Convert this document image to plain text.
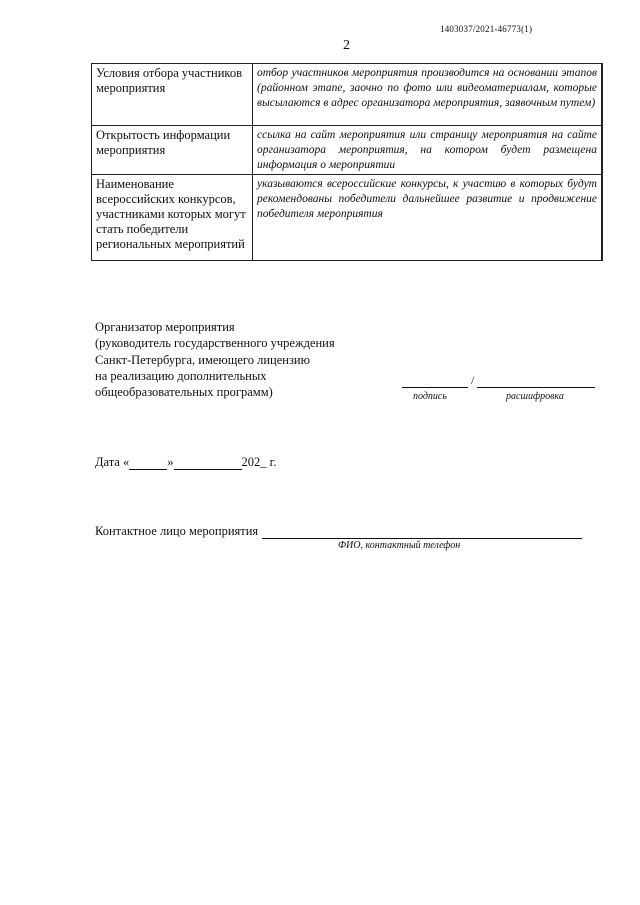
1403037/2021-46773(1)
2
Условия отбора участников мероприятия	отбор участников мероприятия производится на основании этапов (районном этапе, заочно по фото или видеоматериалам, которые высылаются в адрес организатора мероприятия, заявочным путем)
Открытость информации мероприятия	ссылка на сайт мероприятия или страницу мероприятия на сайте организатора мероприятия, на котором будет размещена информация о мероприятии
Наименование всероссийских конкурсов, участниками которых могут стать победители региональных мероприятий	указываются всероссийские конкурсы, к участию в которых будут рекомендованы победители дальнейшее развитие и продвижение победителя мероприятия
Организатор мероприятия
(руководитель государственного учреждения
Санкт-Петербурга, имеющего лицензию
на реализацию дополнительных
общеобразовательных программ)
/
подпись	расшифровка
Дата «	»	202_ г.
Контактное лицо мероприятия
ФИО, контактный телефон
